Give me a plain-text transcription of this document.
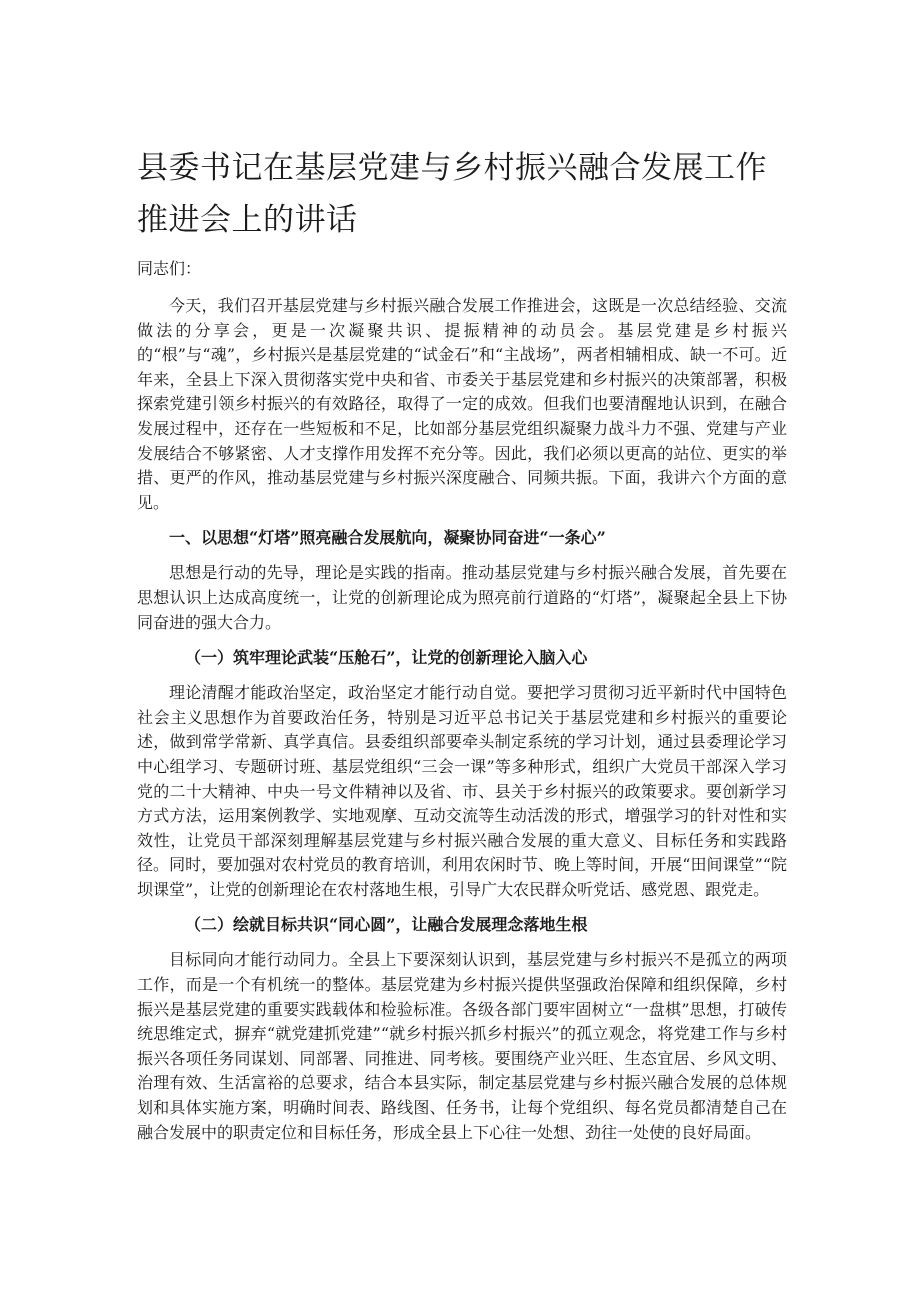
县委书记在基层党建与乡村振兴融合发展工作推进会上的讲话

同志们：

今天，我们召开基层党建与乡村振兴融合发展工作推进会，这既是一次总结经验、交流做法的分享会，更是一次凝聚共识、提振精神的动员会。基层党建是乡村振兴的“根”与“魂”，乡村振兴是基层党建的“试金石”和“主战场”，两者相辅相成、缺一不可。近年来，全县上下深入贯彻落实党中央和省、市委关于基层党建和乡村振兴的决策部署，积极探索党建引领乡村振兴的有效路径，取得了一定的成效。但我们也要清醒地认识到，在融合发展过程中，还存在一些短板和不足，比如部分基层党组织凝聚力战斗力不强、党建与产业发展结合不够紧密、人才支撑作用发挥不充分等。因此，我们必须以更高的站位、更实的举措、更严的作风，推动基层党建与乡村振兴深度融合、同频共振。下面，我讲六个方面的意见。

一、以思想“灯塔”照亮融合发展航向，凝聚协同奋进“一条心”

思想是行动的先导，理论是实践的指南。推动基层党建与乡村振兴融合发展，首先要在思想认识上达成高度统一，让党的创新理论成为照亮前行道路的“灯塔”，凝聚起全县上下协同奋进的强大合力。

（一）筑牢理论武装“压舱石”，让党的创新理论入脑入心

理论清醒才能政治坚定，政治坚定才能行动自觉。要把学习贯彻习近平新时代中国特色社会主义思想作为首要政治任务，特别是习近平总书记关于基层党建和乡村振兴的重要论述，做到常学常新、真学真信。县委组织部要牵头制定系统的学习计划，通过县委理论学习中心组学习、专题研讨班、基层党组织“三会一课”等多种形式，组织广大党员干部深入学习党的二十大精神、中央一号文件精神以及省、市、县关于乡村振兴的政策要求。要创新学习方式方法，运用案例教学、实地观摩、互动交流等生动活泼的形式，增强学习的针对性和实效性，让党员干部深刻理解基层党建与乡村振兴融合发展的重大意义、目标任务和实践路径。同时，要加强对农村党员的教育培训，利用农闲时节、晚上等时间，开展“田间课堂”“院坝课堂”，让党的创新理论在农村落地生根，引导广大农民群众听党话、感党恩、跟党走。

（二）绘就目标共识“同心圆”，让融合发展理念落地生根

目标同向才能行动同力。全县上下要深刻认识到，基层党建与乡村振兴不是孤立的两项工作，而是一个有机统一的整体。基层党建为乡村振兴提供坚强政治保障和组织保障，乡村振兴是基层党建的重要实践载体和检验标准。各级各部门要牢固树立“一盘棋”思想，打破传统思维定式，摒弃“就党建抓党建”“就乡村振兴抓乡村振兴”的孤立观念，将党建工作与乡村振兴各项任务同谋划、同部署、同推进、同考核。要围绕产业兴旺、生态宜居、乡风文明、治理有效、生活富裕的总要求，结合本县实际，制定基层党建与乡村振兴融合发展的总体规划和具体实施方案，明确时间表、路线图、任务书，让每个党组织、每名党员都清楚自己在融合发展中的职责定位和目标任务，形成全县上下心往一处想、劲往一处使的良好局面。
